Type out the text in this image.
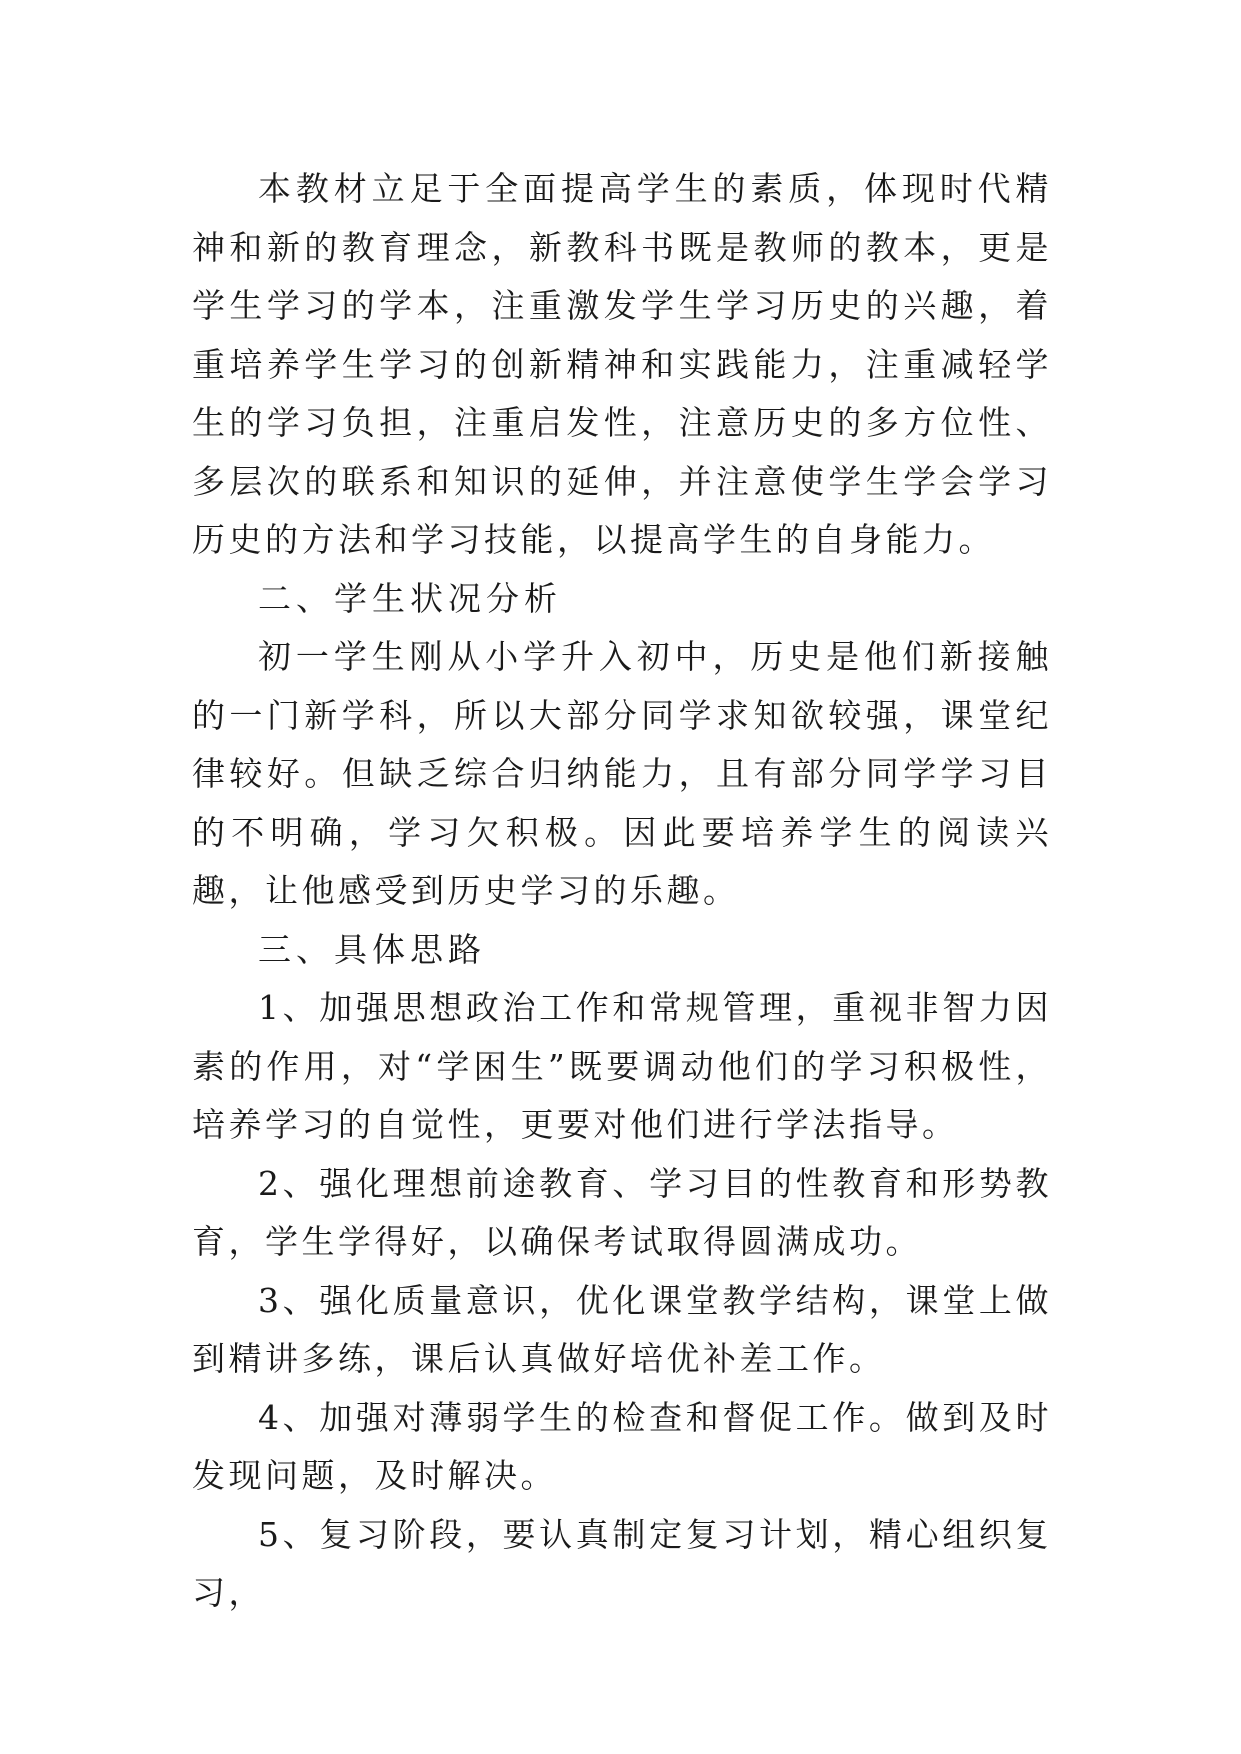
本教材立足于全面提高学生的素质，体现时代精神和新的教育理念，新教科书既是教师的教本，更是学生学习的学本，注重激发学生学习历史的兴趣，着重培养学生学习的创新精神和实践能力，注重减轻学生的学习负担，注重启发性，注意历史的多方位性、多层次的联系和知识的延伸，并注意使学生学会学习历史的方法和学习技能，以提高学生的自身能力。

二、学生状况分析

初一学生刚从小学升入初中，历史是他们新接触的一门新学科，所以大部分同学求知欲较强，课堂纪律较好。但缺乏综合归纳能力，且有部分同学学习目的不明确，学习欠积极。因此要培养学生的阅读兴趣，让他感受到历史学习的乐趣。

三、具体思路

1、加强思想政治工作和常规管理，重视非智力因素的作用，对“学困生”既要调动他们的学习积极性，培养学习的自觉性，更要对他们进行学法指导。

2、强化理想前途教育、学习目的性教育和形势教育，学生学得好，以确保考试取得圆满成功。

3、强化质量意识，优化课堂教学结构，课堂上做到精讲多练，课后认真做好培优补差工作。

4、加强对薄弱学生的检查和督促工作。做到及时发现问题，及时解决。

5、复习阶段，要认真制定复习计划，精心组织复习，
